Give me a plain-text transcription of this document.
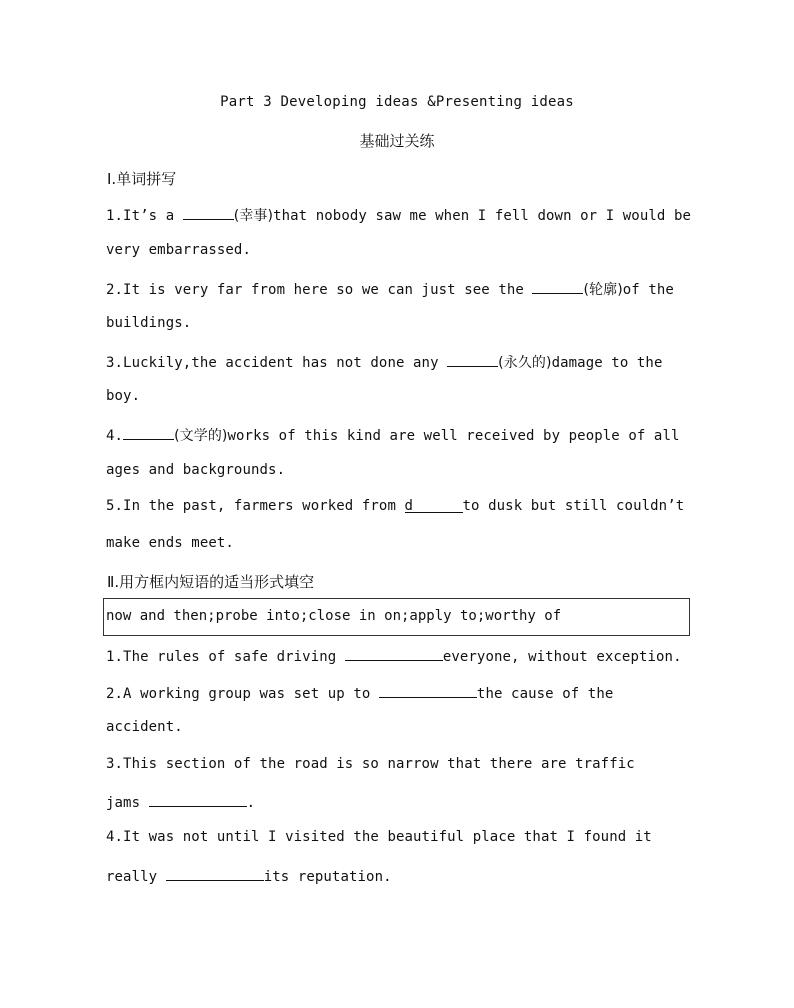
Part 3 Developing ideas &Presenting ideas
基础过关练
Ⅰ.单词拼写
1.It’s a	(幸事)that nobody saw me when I fell down or I would be
very embarrassed.
2.It is very far from here so we can just see the	(轮廓)of the
buildings.
3.Luckily,the accident has not done any	(永久的)damage to the
boy.
4.	(文学的)works of this kind are well received by people of all
ages and backgrounds.
5.In the past, farmers worked from d	to dusk but still couldn’t
make ends meet.
Ⅱ.用方框内短语的适当形式填空
now and then;probe into;close in on;apply to;worthy of
1.The rules of safe driving	everyone, without exception.
2.A working group was set up to	the cause of the
accident.
3.This section of the road is so narrow that there are traffic
jams	.
4.It was not until I visited the beautiful place that I found it
really	its reputation.
